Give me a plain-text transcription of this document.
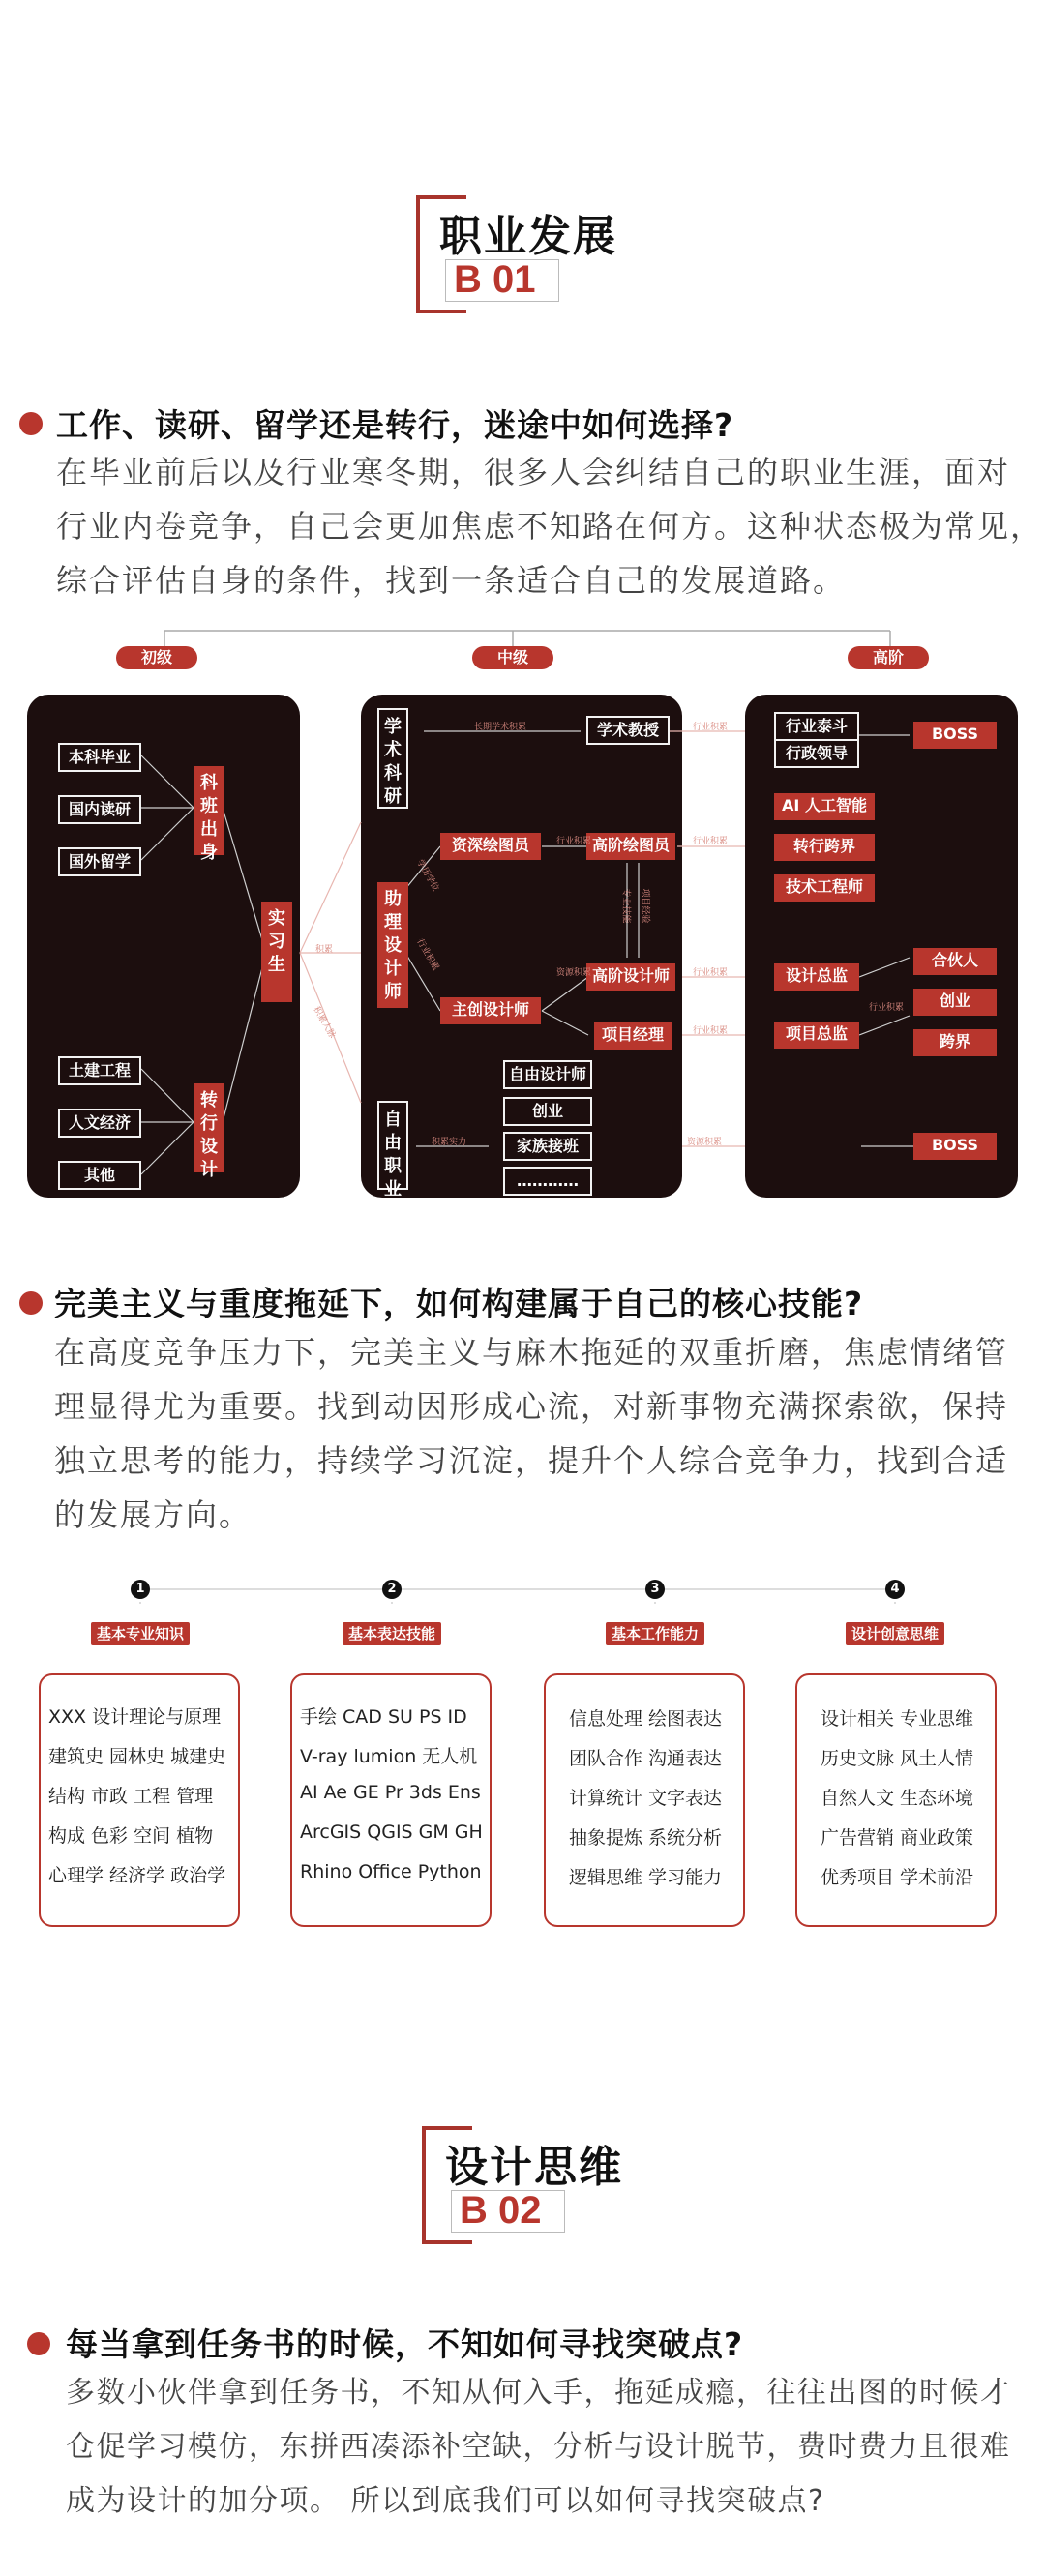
职业发展
B 01
工作、读研、留学还是转行，迷途中如何选择?
在毕业前后以及行业寒冬期，很多人会纠结自己的职业生涯，面对
行业内卷竞争，自己会更加焦虑不知路在何方。这种状态极为常见，
综合评估自身的条件，找到一条适合自己的发展道路。
初级	中级	高阶
本科毕业
国内读研
国外留学
科班出身
实习生
土建工程
人文经济
其他
转行设计
学术科研
学术教授
助理设计师
资深绘图员
主创设计师
高阶绘图员
高阶设计师
项目经理
自由职业
自由设计师
创业
家族接班
…………
行业泰斗
行政领导
BOSS
AI 人工智能
转行跨界
技术工程师
设计总监
项目总监
合伙人
创业
跨界
BOSS
长期学术积累
行业积累
学历学位
行业积累
专业技能	项目经验
资源积累
行业积累
行业积累
行业积累
行业积累
资源积累
行业积累
积累实力
积累
积累人脉
完美主义与重度拖延下，如何构建属于自己的核心技能?
在高度竞争压力下，完美主义与麻木拖延的双重折磨，焦虑情绪管
理显得尤为重要。找到动因形成心流，对新事物充满探索欲，保持
独立思考的能力，持续学习沉淀，提升个人综合竞争力，找到合适
的发展方向。
1	2	3	4
基本专业知识	基本表达技能	基本工作能力	设计创意思维
XXX 设计理论与原理
建筑史 园林史 城建史
结构 市政 工程 管理
构成 色彩 空间 植物
心理学 经济学 政治学
手绘 CAD SU PS ID
V-ray lumion 无人机
AI Ae GE Pr 3ds Ens
ArcGIS QGIS GM GH
Rhino Office Python
信息处理 绘图表达
团队合作 沟通表达
计算统计 文字表达
抽象提炼 系统分析
逻辑思维 学习能力
设计相关 专业思维
历史文脉 风土人情
自然人文 生态环境
广告营销 商业政策
优秀项目 学术前沿
设计思维
B 02
每当拿到任务书的时候，不知如何寻找突破点?
多数小伙伴拿到任务书，不知从何入手，拖延成瘾，往往出图的时候才
仓促学习模仿，东拼西凑添补空缺，分析与设计脱节，费时费力且很难
成为设计的加分项。 所以到底我们可以如何寻找突破点?
